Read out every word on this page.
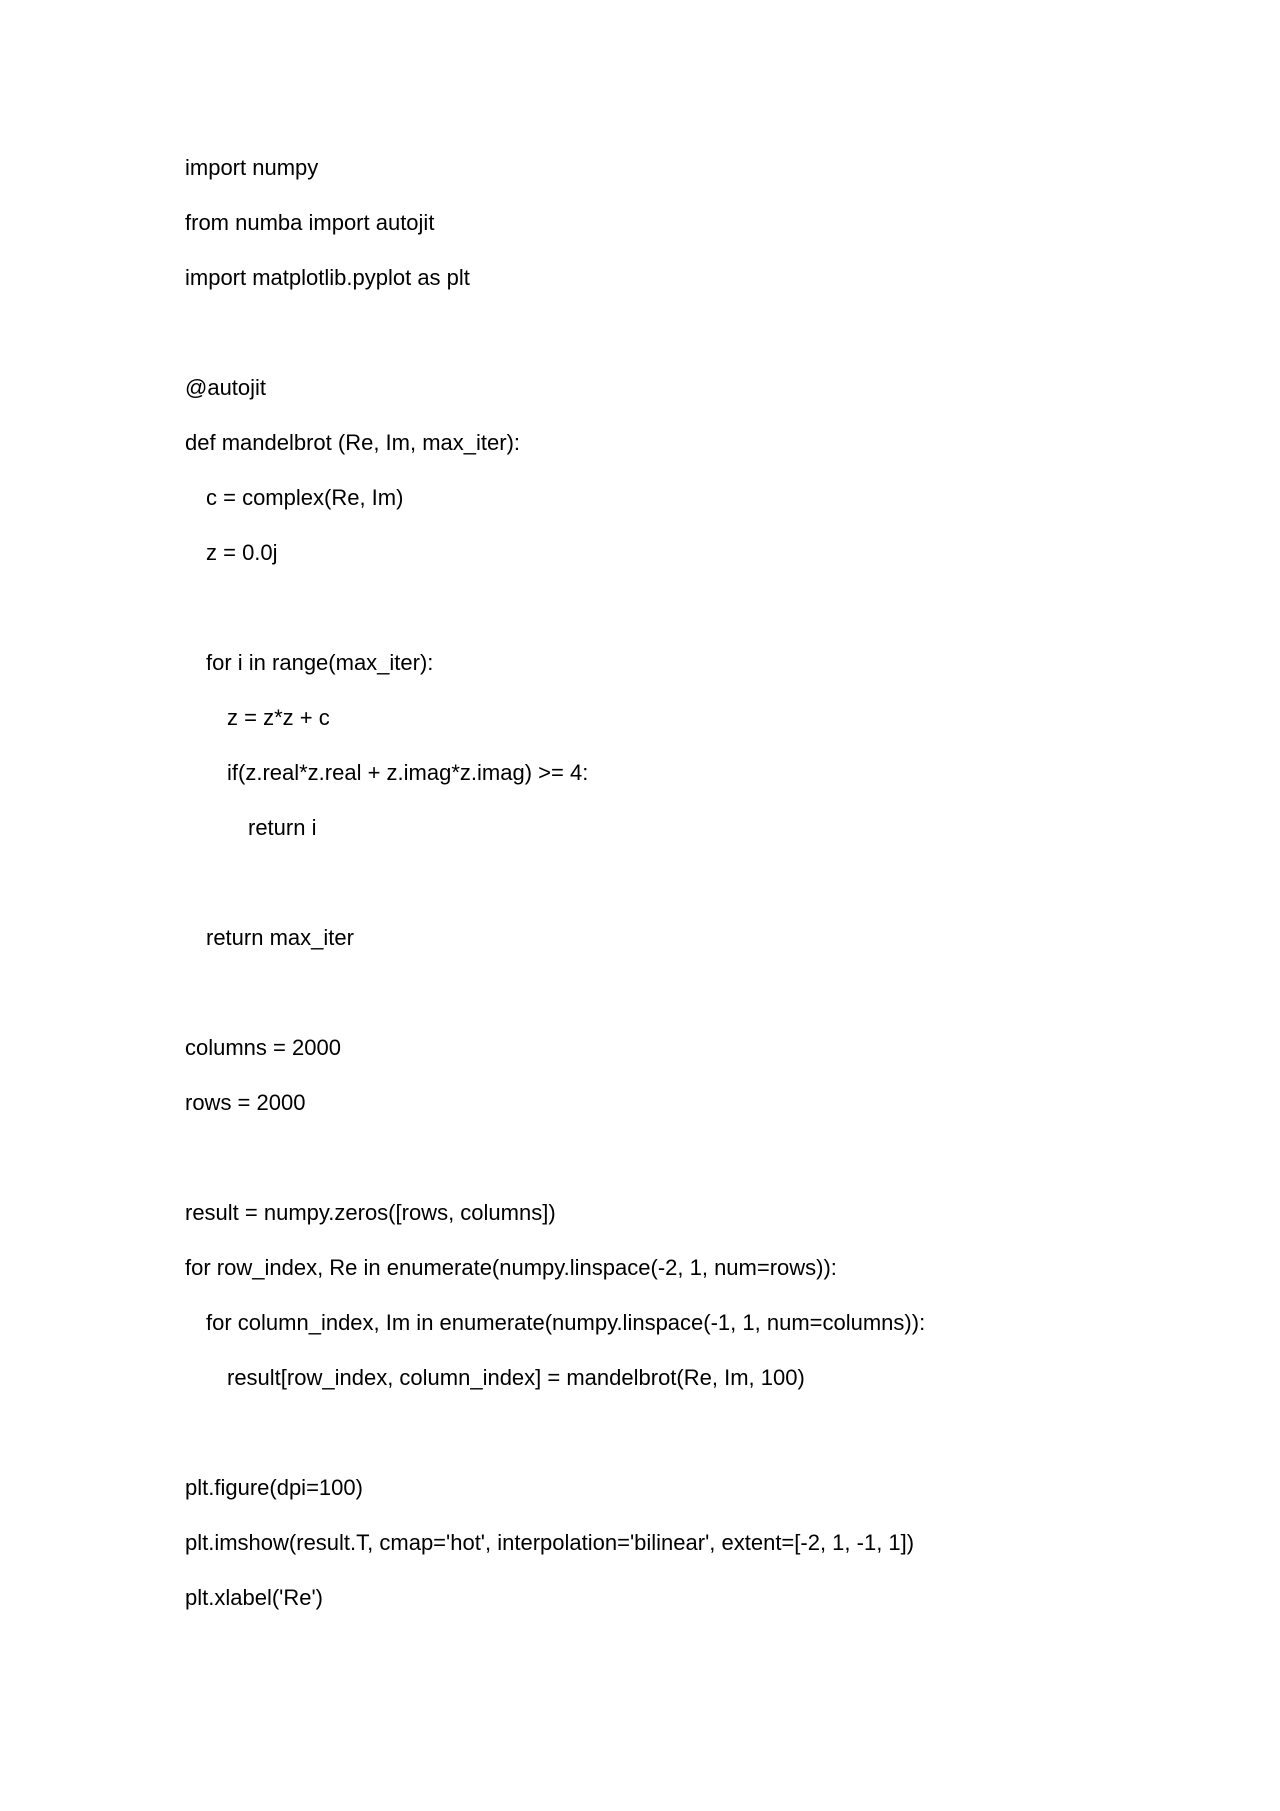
import numpy
from numba import autojit
import matplotlib.pyplot as plt
@autojit
def mandelbrot (Re, Im, max_iter):
c = complex(Re, Im)
z = 0.0j
for i in range(max_iter):
z = z*z + c
if(z.real*z.real + z.imag*z.imag) >= 4:
return i
return max_iter
columns = 2000
rows = 2000
result = numpy.zeros([rows, columns])
for row_index, Re in enumerate(numpy.linspace(-2, 1, num=rows)):
for column_index, Im in enumerate(numpy.linspace(-1, 1, num=columns)):
result[row_index, column_index] = mandelbrot(Re, Im, 100)
plt.figure(dpi=100)
plt.imshow(result.T, cmap='hot', interpolation='bilinear', extent=[-2, 1, -1, 1])
plt.xlabel('Re')
